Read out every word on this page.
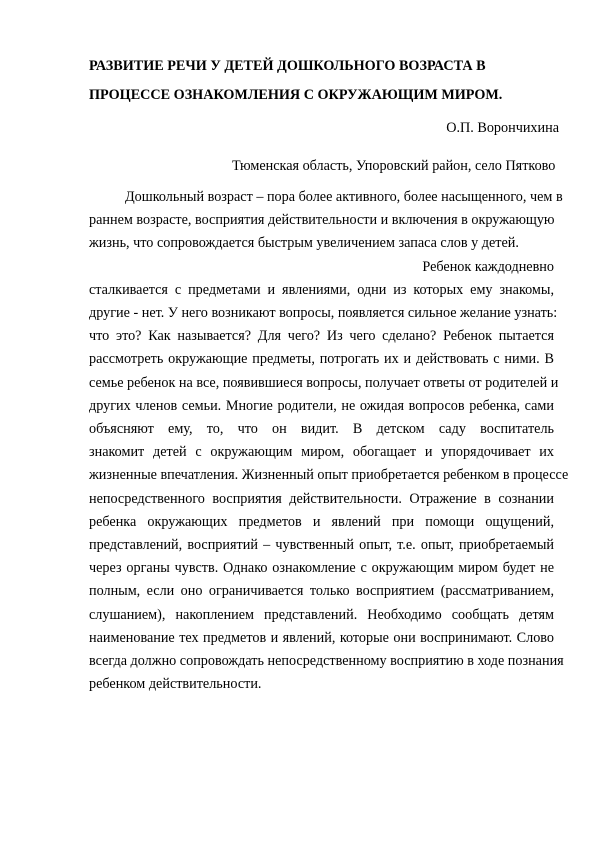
РАЗВИТИЕ РЕЧИ У ДЕТЕЙ ДОШКОЛЬНОГО ВОЗРАСТА В
ПРОЦЕССЕ ОЗНАКОМЛЕНИЯ С ОКРУЖАЮЩИМ МИРОМ.

О.П. Ворончихина

Тюменская область, Упоровский район, село Пятково

Дошкольный возраст – пора более активного, более насыщенного, чем в
раннем возрасте, восприятия действительности и включения в окружающую
жизнь, что сопровождается быстрым увеличением запаса слов у детей.
Ребенок каждодневно
сталкивается с предметами и явлениями, одни из которых ему знакомы,
другие - нет. У него возникают вопросы, появляется сильное желание узнать:
что это? Как называется? Для чего? Из чего сделано? Ребенок пытается
рассмотреть окружающие предметы, потрогать их и действовать с ними. В
семье ребенок на все, появившиеся вопросы, получает ответы от родителей и
других членов семьи. Многие родители, не ожидая вопросов ребенка, сами
объясняют ему, то, что он видит. В детском саду воспитатель
знакомит детей с окружающим миром, обогащает и упорядочивает их
жизненные впечатления. Жизненный опыт приобретается ребенком в процессе
непосредственного восприятия действительности. Отражение в сознании
ребенка окружающих предметов и явлений при помощи ощущений,
представлений, восприятий – чувственный опыт, т.е. опыт, приобретаемый
через органы чувств. Однако ознакомление с окружающим миром будет не
полным, если оно ограничивается только восприятием (рассматриванием,
слушанием), накоплением представлений. Необходимо сообщать детям
наименование тех предметов и явлений, которые они воспринимают. Слово
всегда должно сопровождать непосредственному восприятию в ходе познания
ребенком действительности.
